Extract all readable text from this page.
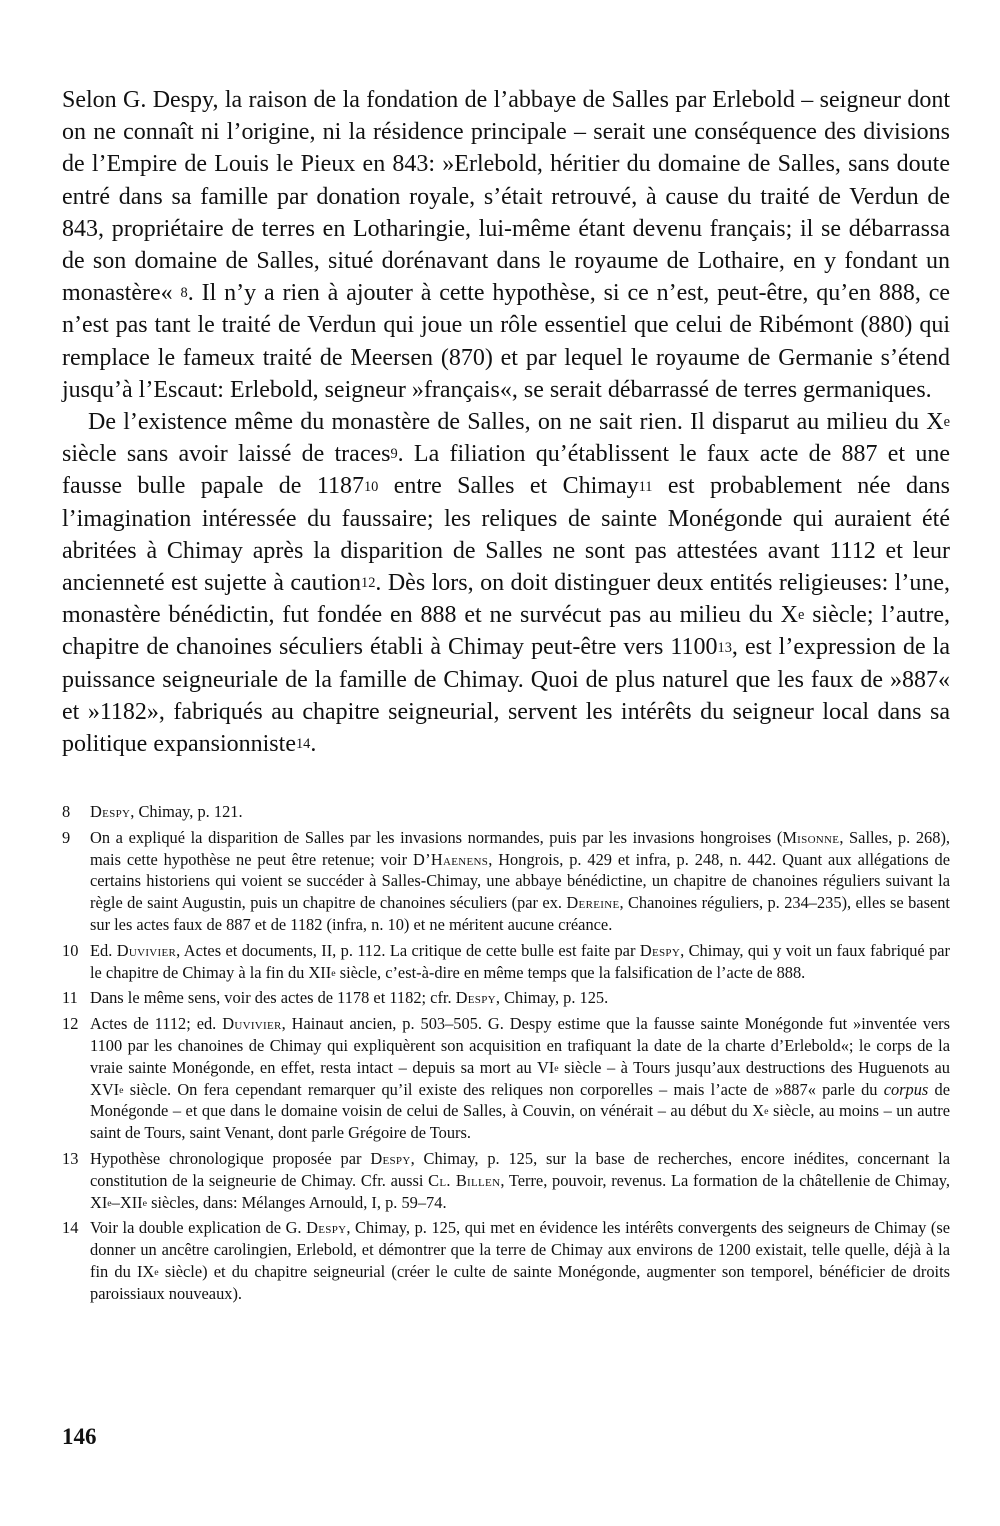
Selon G. Despy, la raison de la fondation de l’abbaye de Salles par Erlebold – seigneur dont on ne connaît ni l’origine, ni la résidence principale – serait une conséquence des divisions de l’Empire de Louis le Pieux en 843: »Erlebold, héritier du domaine de Salles, sans doute entré dans sa famille par donation royale, s’était retrouvé, à cause du traité de Verdun de 843, propriétaire de terres en Lotharingie, lui-même étant devenu français; il se débarrassa de son domaine de Salles, situé dorénavant dans le royaume de Lothaire, en y fondant un monastère« $^8$. Il n’y a rien à ajouter à cette hypothèse, si ce n’est, peut-être, qu’en 888, ce n’est pas tant le traité de Verdun qui joue un rôle essentiel que celui de Ribémont (880) qui remplace le fameux traité de Meersen (870) et par lequel le royaume de Germanie s’étend jusqu’à l’Escaut: Erlebold, seigneur »français«, se serait débarrassé de terres germaniques.

De l’existence même du monastère de Salles, on ne sait rien. Il disparut au milieu du Xe siècle sans avoir laissé de traces$^9$. La filiation qu’établissent le faux acte de 887 et une fausse bulle papale de 1187$^{10}$ entre Salles et Chimay$^{11}$ est probablement née dans l’imagination intéressée du faussaire; les reliques de sainte Monégonde qui auraient été abritées à Chimay après la disparition de Salles ne sont pas attestées avant 1112 et leur ancienneté est sujette à caution$^{12}$. Dès lors, on doit distinguer deux entités religieuses: l’une, monastère bénédictin, fut fondée en 888 et ne survécut pas au milieu du Xe siècle; l’autre, chapitre de chanoines séculiers établi à Chimay peut-être vers 1100$^{13}$, est l’expression de la puissance seigneuriale de la famille de Chimay. Quoi de plus naturel que les faux de »887« et »1182», fabriqués au chapitre seigneurial, servent les intérêts du seigneur local dans sa politique expansionniste$^{14}$.

8	Despy, Chimay, p. 121.
9	On a expliqué la disparition de Salles par les invasions normandes, puis par les invasions hongroises (Misonne, Salles, p. 268), mais cette hypothèse ne peut être retenue; voir D’Haenens, Hongrois, p. 429 et infra, p. 248, n. 442. Quant aux allégations de certains historiens qui voient se succéder à Salles-Chimay, une abbaye bénédictine, un chapitre de chanoines réguliers suivant la règle de saint Augustin, puis un chapitre de chanoines séculiers (par ex. Dereine, Chanoines réguliers, p. 234–235), elles se basent sur les actes faux de 887 et de 1182 (infra, n. 10) et ne méritent aucune créance.
10 Ed. Duvivier, Actes et documents, II, p. 112. La critique de cette bulle est faite par Despy, Chimay, qui y voit un faux fabriqué par le chapitre de Chimay à la fin du XIIe siècle, c’est-à-dire en même temps que la falsification de l’acte de 888.
11 Dans le même sens, voir des actes de 1178 et 1182; cfr. Despy, Chimay, p. 125.
12 Actes de 1112; ed. Duvivier, Hainaut ancien, p. 503–505. G. Despy estime que la fausse sainte Monégonde fut »inventée vers 1100 par les chanoines de Chimay qui expliquèrent son acquisition en trafiquant la date de la charte d’Erlebold«; le corps de la vraie sainte Monégonde, en effet, resta intact – depuis sa mort au VIe siècle – à Tours jusqu’aux destructions des Huguenots au XVIe siècle. On fera cependant remarquer qu’il existe des reliques non corporelles – mais l’acte de »887« parle du corpus de Monégonde – et que dans le domaine voisin de celui de Salles, à Couvin, on vénérait – au début du Xe siècle, au moins – un autre saint de Tours, saint Venant, dont parle Grégoire de Tours.
13 Hypothèse chronologique proposée par Despy, Chimay, p. 125, sur la base de recherches, encore inédites, concernant la constitution de la seigneurie de Chimay. Cfr. aussi Cl. Billen, Terre, pouvoir, revenus. La formation de la châtellenie de Chimay, XIe–XIIe siècles, dans: Mélanges Arnould, I, p. 59–74.
14 Voir la double explication de G. Despy, Chimay, p. 125, qui met en évidence les intérêts convergents des seigneurs de Chimay (se donner un ancêtre carolingien, Erlebold, et démontrer que la terre de Chimay aux environs de 1200 existait, telle quelle, déjà à la fin du IXe siècle) et du chapitre seigneurial (créer le culte de sainte Monégonde, augmenter son temporel, bénéficier de droits paroissiaux nouveaux).
146
